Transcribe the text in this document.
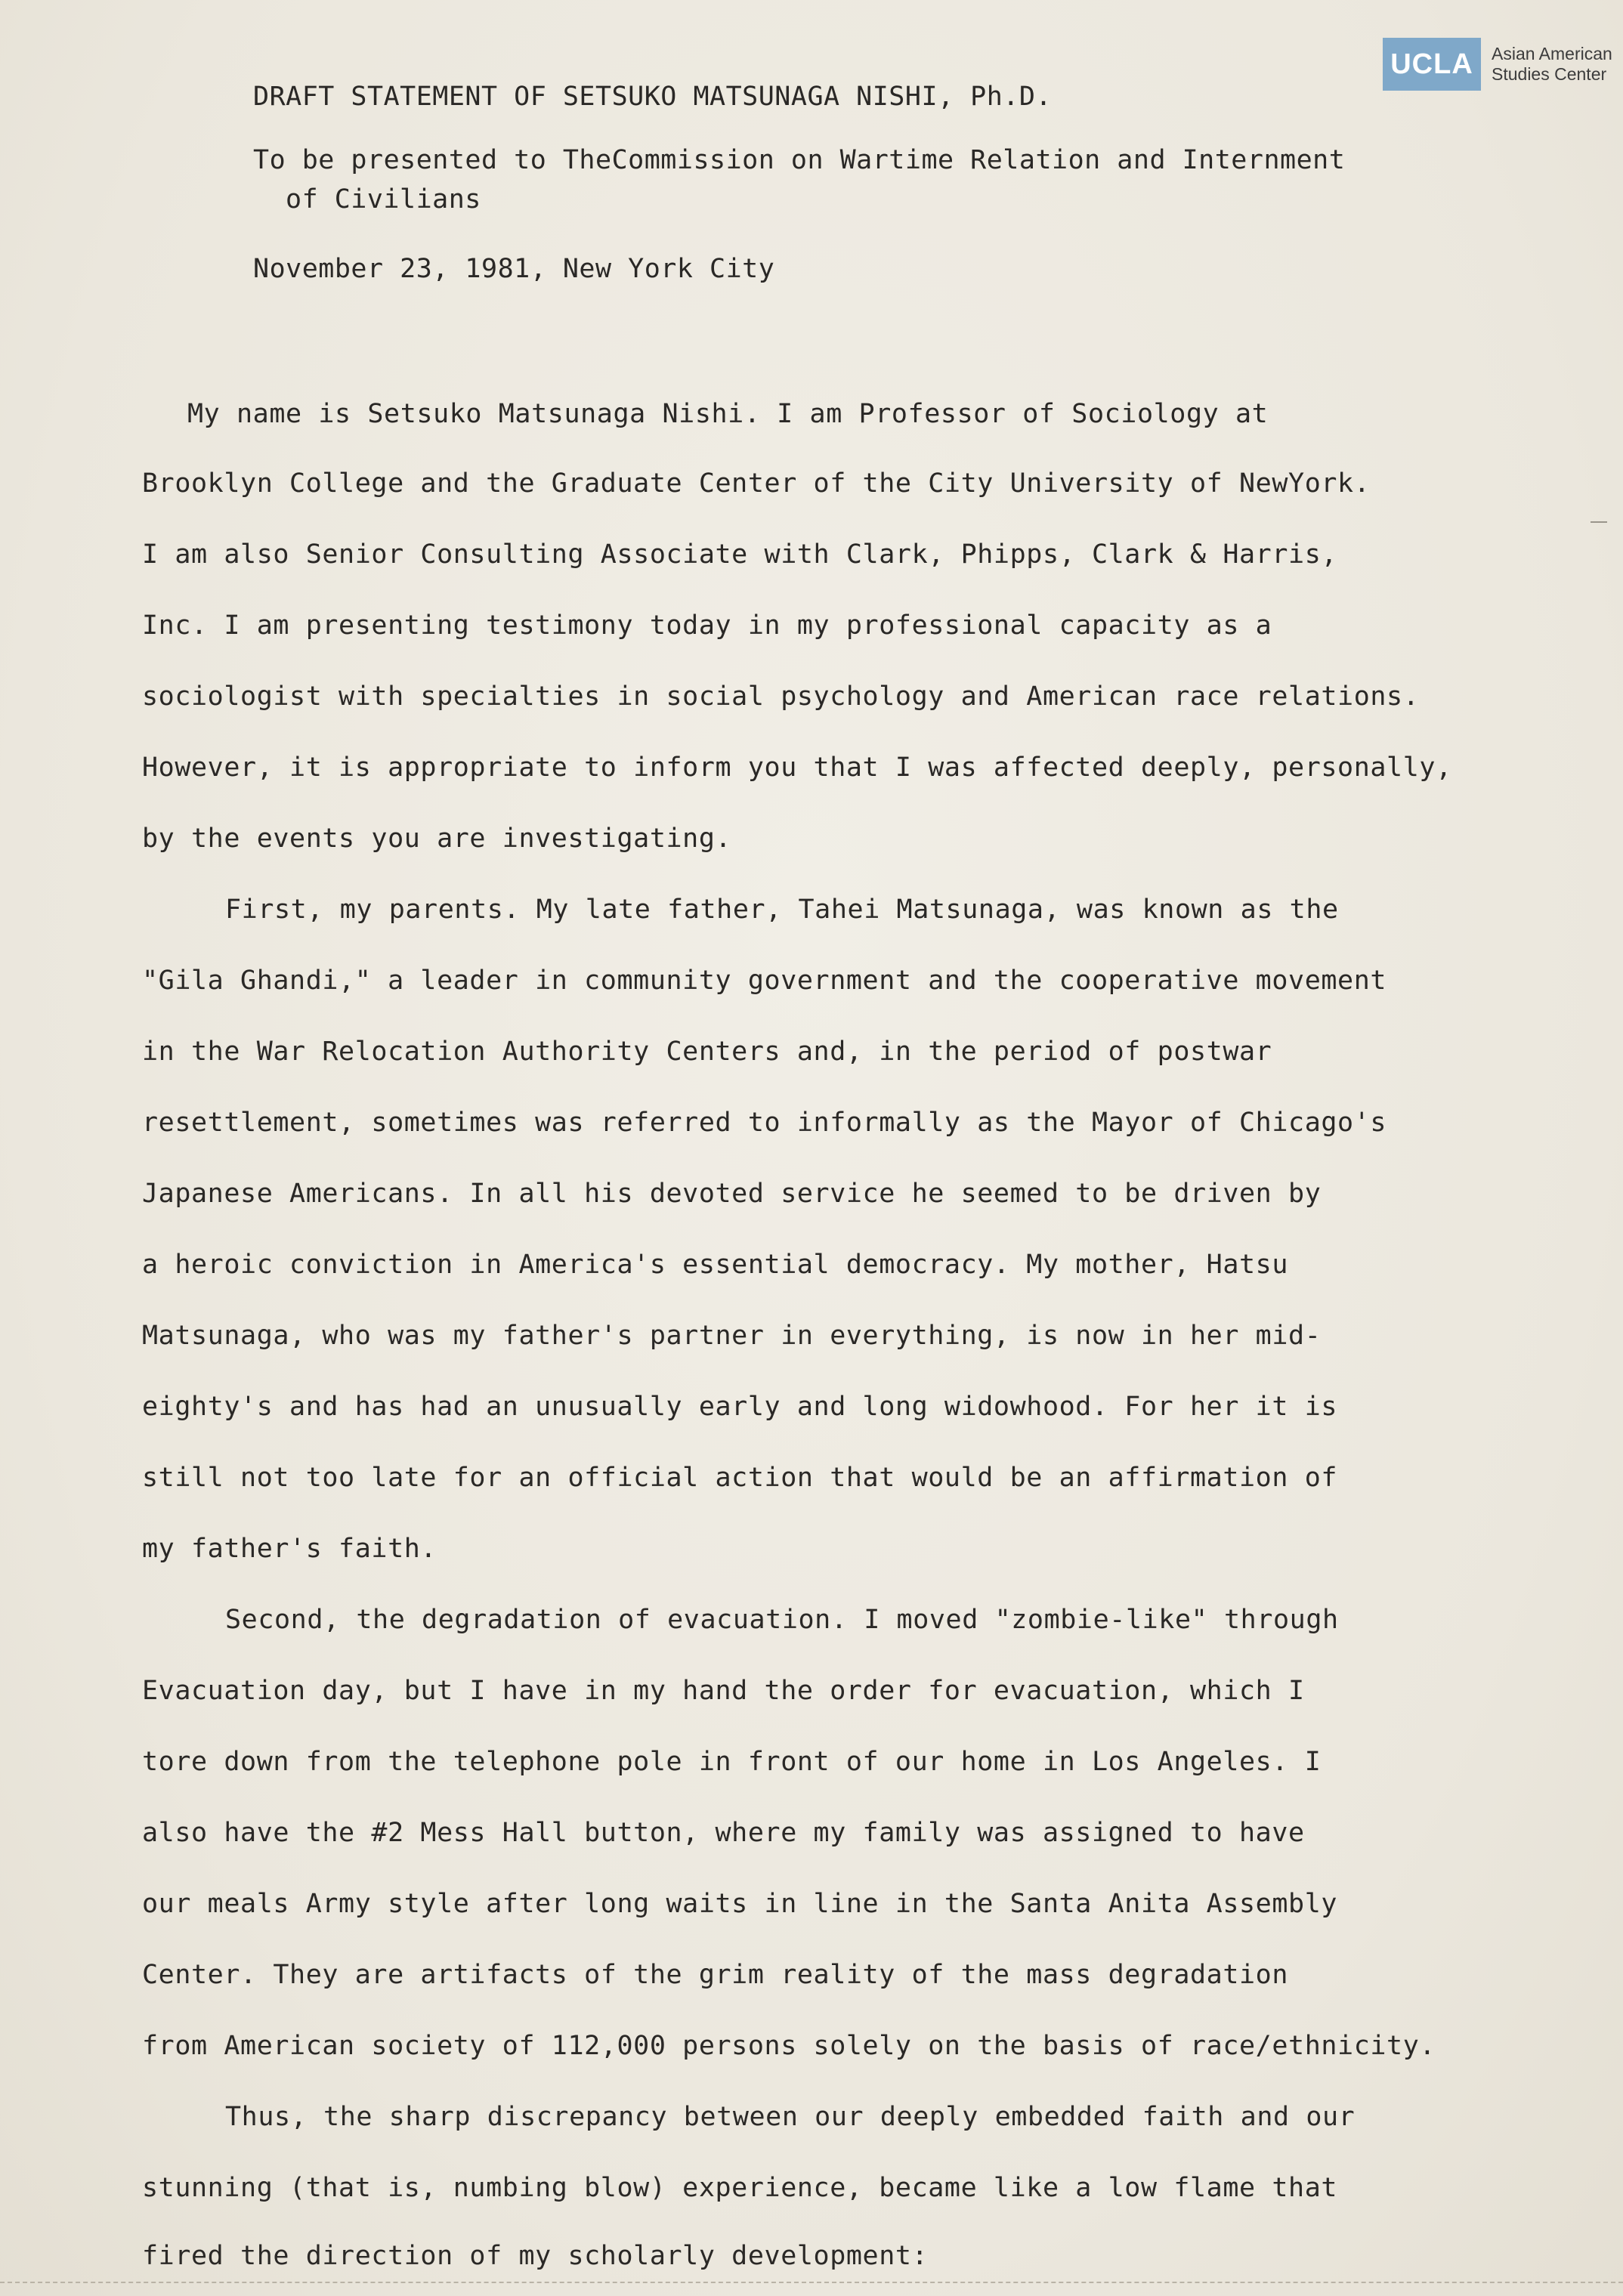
UCLA	Asian American
Studies Center
DRAFT STATEMENT OF SETSUKO MATSUNAGA NISHI, Ph.D.
To be presented to TheCommission on Wartime Relation and Internment
of Civilians
November 23, 1981, New York City
My name is Setsuko Matsunaga Nishi. I am Professor of Sociology at
Brooklyn College and the Graduate Center of the City University of NewYork.
I am also Senior Consulting Associate with Clark, Phipps, Clark & Harris,
Inc. I am presenting testimony today in my professional capacity as a
sociologist with specialties in social psychology and American race relations.
However, it is appropriate to inform you that I was affected deeply, personally,
by the events you are investigating.
First, my parents. My late father, Tahei Matsunaga, was known as the
"Gila Ghandi," a leader in community government and the cooperative movement
in the War Relocation Authority Centers and, in the period of postwar
resettlement, sometimes was referred to informally as the Mayor of Chicago's
Japanese Americans. In all his devoted service he seemed to be driven by
a heroic conviction in America's essential democracy. My mother, Hatsu
Matsunaga, who was my father's partner in everything, is now in her mid-
eighty's and has had an unusually early and long widowhood. For her it is
still not too late for an official action that would be an affirmation of
my father's faith.
Second, the degradation of evacuation. I moved "zombie-like" through
Evacuation day, but I have in my hand the order for evacuation, which I
tore down from the telephone pole in front of our home in Los Angeles. I
also have the #2 Mess Hall button, where my family was assigned to have
our meals Army style after long waits in line in the Santa Anita Assembly
Center. They are artifacts of the grim reality of the mass degradation
from American society of 112,000 persons solely on the basis of race/ethnicity.
Thus, the sharp discrepancy between our deeply embedded faith and our
stunning (that is, numbing blow) experience, became like a low flame that
fired the direction of my scholarly development:
